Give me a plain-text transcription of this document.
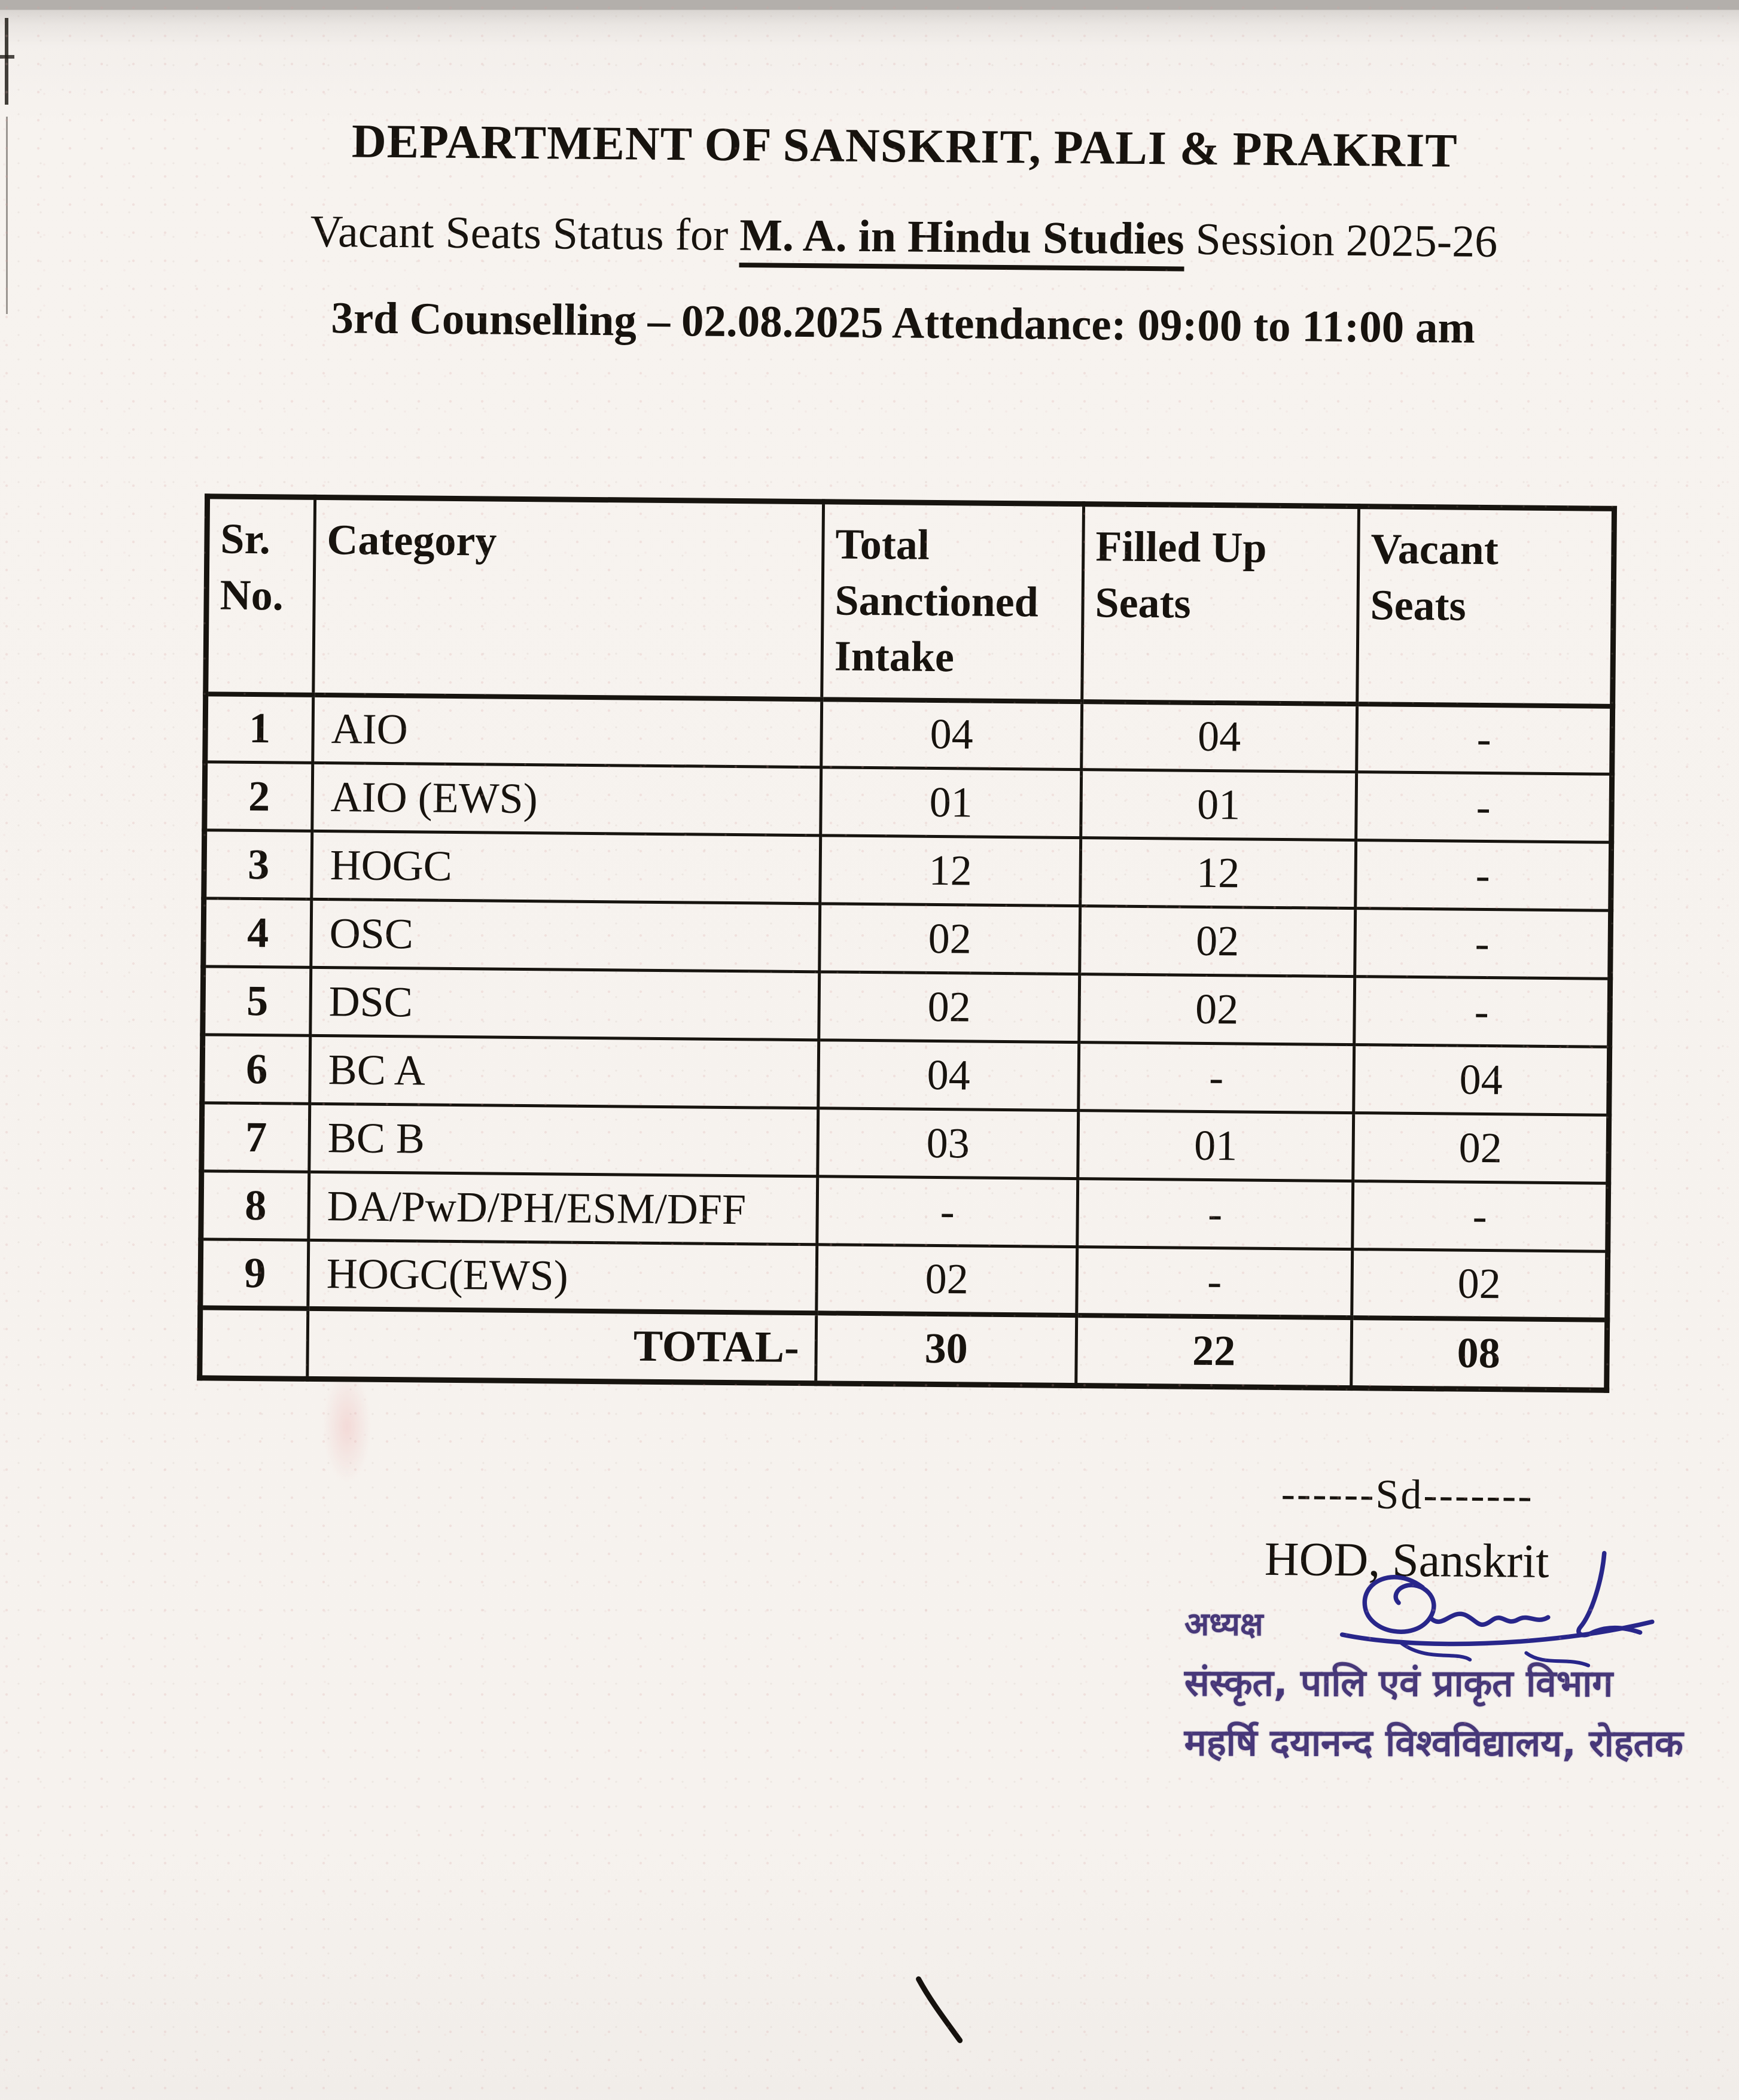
DEPARTMENT OF SANSKRIT, PALI & PRAKRIT

Vacant Seats Status for M. A. in Hindu Studies Session 2025-26

3rd Counselling – 02.08.2025 Attendance: 09:00 to 11:00 am

Sr. No.	Category	Total Sanctioned Intake	Filled Up Seats	Vacant Seats
1	AIO	04	04	-
2	AIO (EWS)	01	01	-
3	HOGC	12	12	-
4	OSC	02	02	-
5	DSC	02	02	-
6	BC A	04	-	04
7	BC B	03	01	02
8	DA/PwD/PH/ESM/DFF	-	-	-
9	HOGC(EWS)	02	-	02
	TOTAL-	30	22	08
------Sd-------
HOD, Sanskrit
अध्यक्ष
संस्कृत, पालि एवं प्राकृत विभाग
महर्षि दयानन्द विश्वविद्यालय, रोहतक
